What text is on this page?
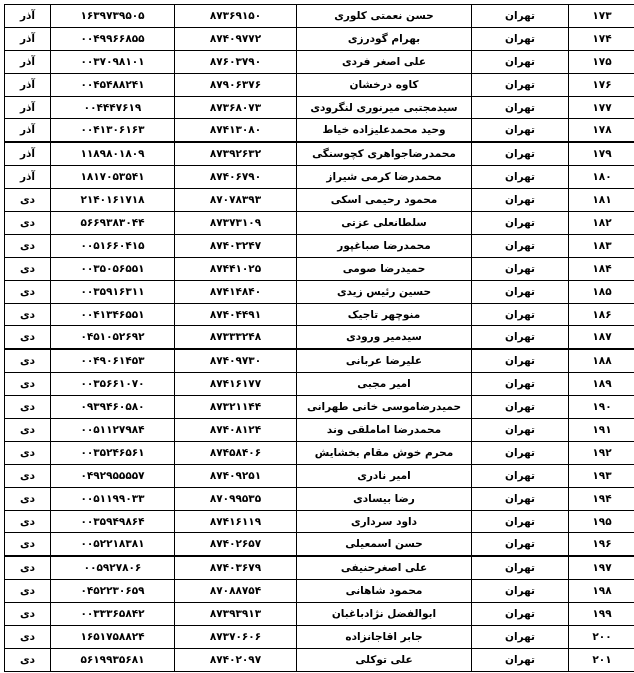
۱۷۳	تهران	حسن نعمتی کلوری	۸۷۳۶۹۱۵۰	۱۶۳۹۷۳۹۵۰۵	آذر
۱۷۴	تهران	بهرام گودرزی	۸۷۴۰۹۷۷۲	۰۰۴۹۹۶۶۸۵۵	آذر
۱۷۵	تهران	علی اصغر فردی	۸۷۶۰۳۷۹۰	۰۰۳۷۰۹۸۱۰۱	آذر
۱۷۶	تهران	کاوه درخشان	۸۷۹۰۶۳۷۶	۰۰۴۵۴۸۸۲۴۱	آذر
۱۷۷	تهران	سیدمجتبی میرنوری لنگرودی	۸۷۳۶۸۰۷۳	۰۰۴۴۴۷۶۱۹	آذر
۱۷۸	تهران	وحید محمدعلیزاده خیاط	۸۷۴۱۳۰۸۰	۰۰۴۱۳۰۶۱۶۳	آذر
۱۷۹	تهران	محمدرضاجواهری کچوسنگی	۸۷۳۹۲۶۳۲	۱۱۸۹۸۰۱۸۰۹	آذر
۱۸۰	تهران	محمدرضا کرمی شیراز	۸۷۴۰۶۷۹۰	۱۸۱۷۰۵۳۵۴۱	آذر
۱۸۱	تهران	محمود رحیمی اسکی	۸۷۰۷۸۳۹۳	۲۱۴۰۱۶۱۷۱۸	دی
۱۸۲	تهران	سلطانعلی عزتی	۸۷۳۷۳۱۰۹	۵۶۶۹۳۸۳۰۴۴	دی
۱۸۳	تهران	محمدرضا صباغپور	۸۷۴۰۳۲۴۷	۰۰۵۱۶۶۰۴۱۵	دی
۱۸۴	تهران	حمیدرضا صومی	۸۷۴۴۱۰۲۵	۰۰۳۵۰۵۶۵۵۱	دی
۱۸۵	تهران	حسین رئیس زیدی	۸۷۴۱۴۸۴۰	۰۰۳۵۹۱۶۳۱۱	دی
۱۸۶	تهران	منوچهر تاجیک	۸۷۴۰۴۴۹۱	۰۰۴۱۳۴۶۵۵۱	دی
۱۸۷	تهران	سیدمیر ورودی	۸۷۳۳۳۲۴۸	۰۴۵۱۰۵۲۶۹۲	دی
۱۸۸	تهران	علیرضا عربانی	۸۷۴۰۹۷۳۰	۰۰۴۹۰۶۱۴۵۳	دی
۱۸۹	تهران	امیر مجبی	۸۷۴۱۶۱۷۷	۰۰۳۵۶۶۱۰۷۰	دی
۱۹۰	تهران	حمیدرضاموسی خانی طهرانی	۸۷۳۲۱۱۴۴	۰۹۳۹۴۶۰۵۸۰	دی
۱۹۱	تهران	محمدرضا اماملقی وند	۸۷۴۰۸۱۲۴	۰۰۵۱۱۲۷۹۸۴	دی
۱۹۲	تهران	محرم خوش مقام بخشایش	۸۷۴۵۸۴۰۶	۰۰۳۵۲۴۶۵۶۱	دی
۱۹۳	تهران	امیر نادری	۸۷۴۰۹۲۵۱	۰۴۹۲۹۵۵۵۵۷	دی
۱۹۴	تهران	رضا بیسادی	۸۷۰۹۹۵۳۵	۰۰۵۱۱۹۹۰۳۳	دی
۱۹۵	تهران	داود سرداری	۸۷۴۱۶۱۱۹	۰۰۳۵۹۴۹۸۶۴	دی
۱۹۶	تهران	حسن اسمعیلی	۸۷۴۰۲۶۵۷	۰۰۵۲۲۱۸۳۸۱	دی
۱۹۷	تهران	علی اصغرحنیفی	۸۷۴۰۳۶۷۹	۰۰۵۹۲۷۸۰۶	دی
۱۹۸	تهران	محمود شاهانی	۸۷۰۸۸۷۵۴	۰۴۵۲۲۳۰۶۵۹	دی
۱۹۹	تهران	ابوالفضل نژادباغبان	۸۷۳۹۳۹۱۳	۰۰۳۳۳۶۵۸۴۲	دی
۲۰۰	تهران	جابر اقاجانزاده	۸۷۳۷۰۶۰۶	۱۶۵۱۷۵۸۸۲۴	دی
۲۰۱	تهران	علی توکلی	۸۷۴۰۲۰۹۷	۵۶۱۹۹۳۵۶۸۱	دی
